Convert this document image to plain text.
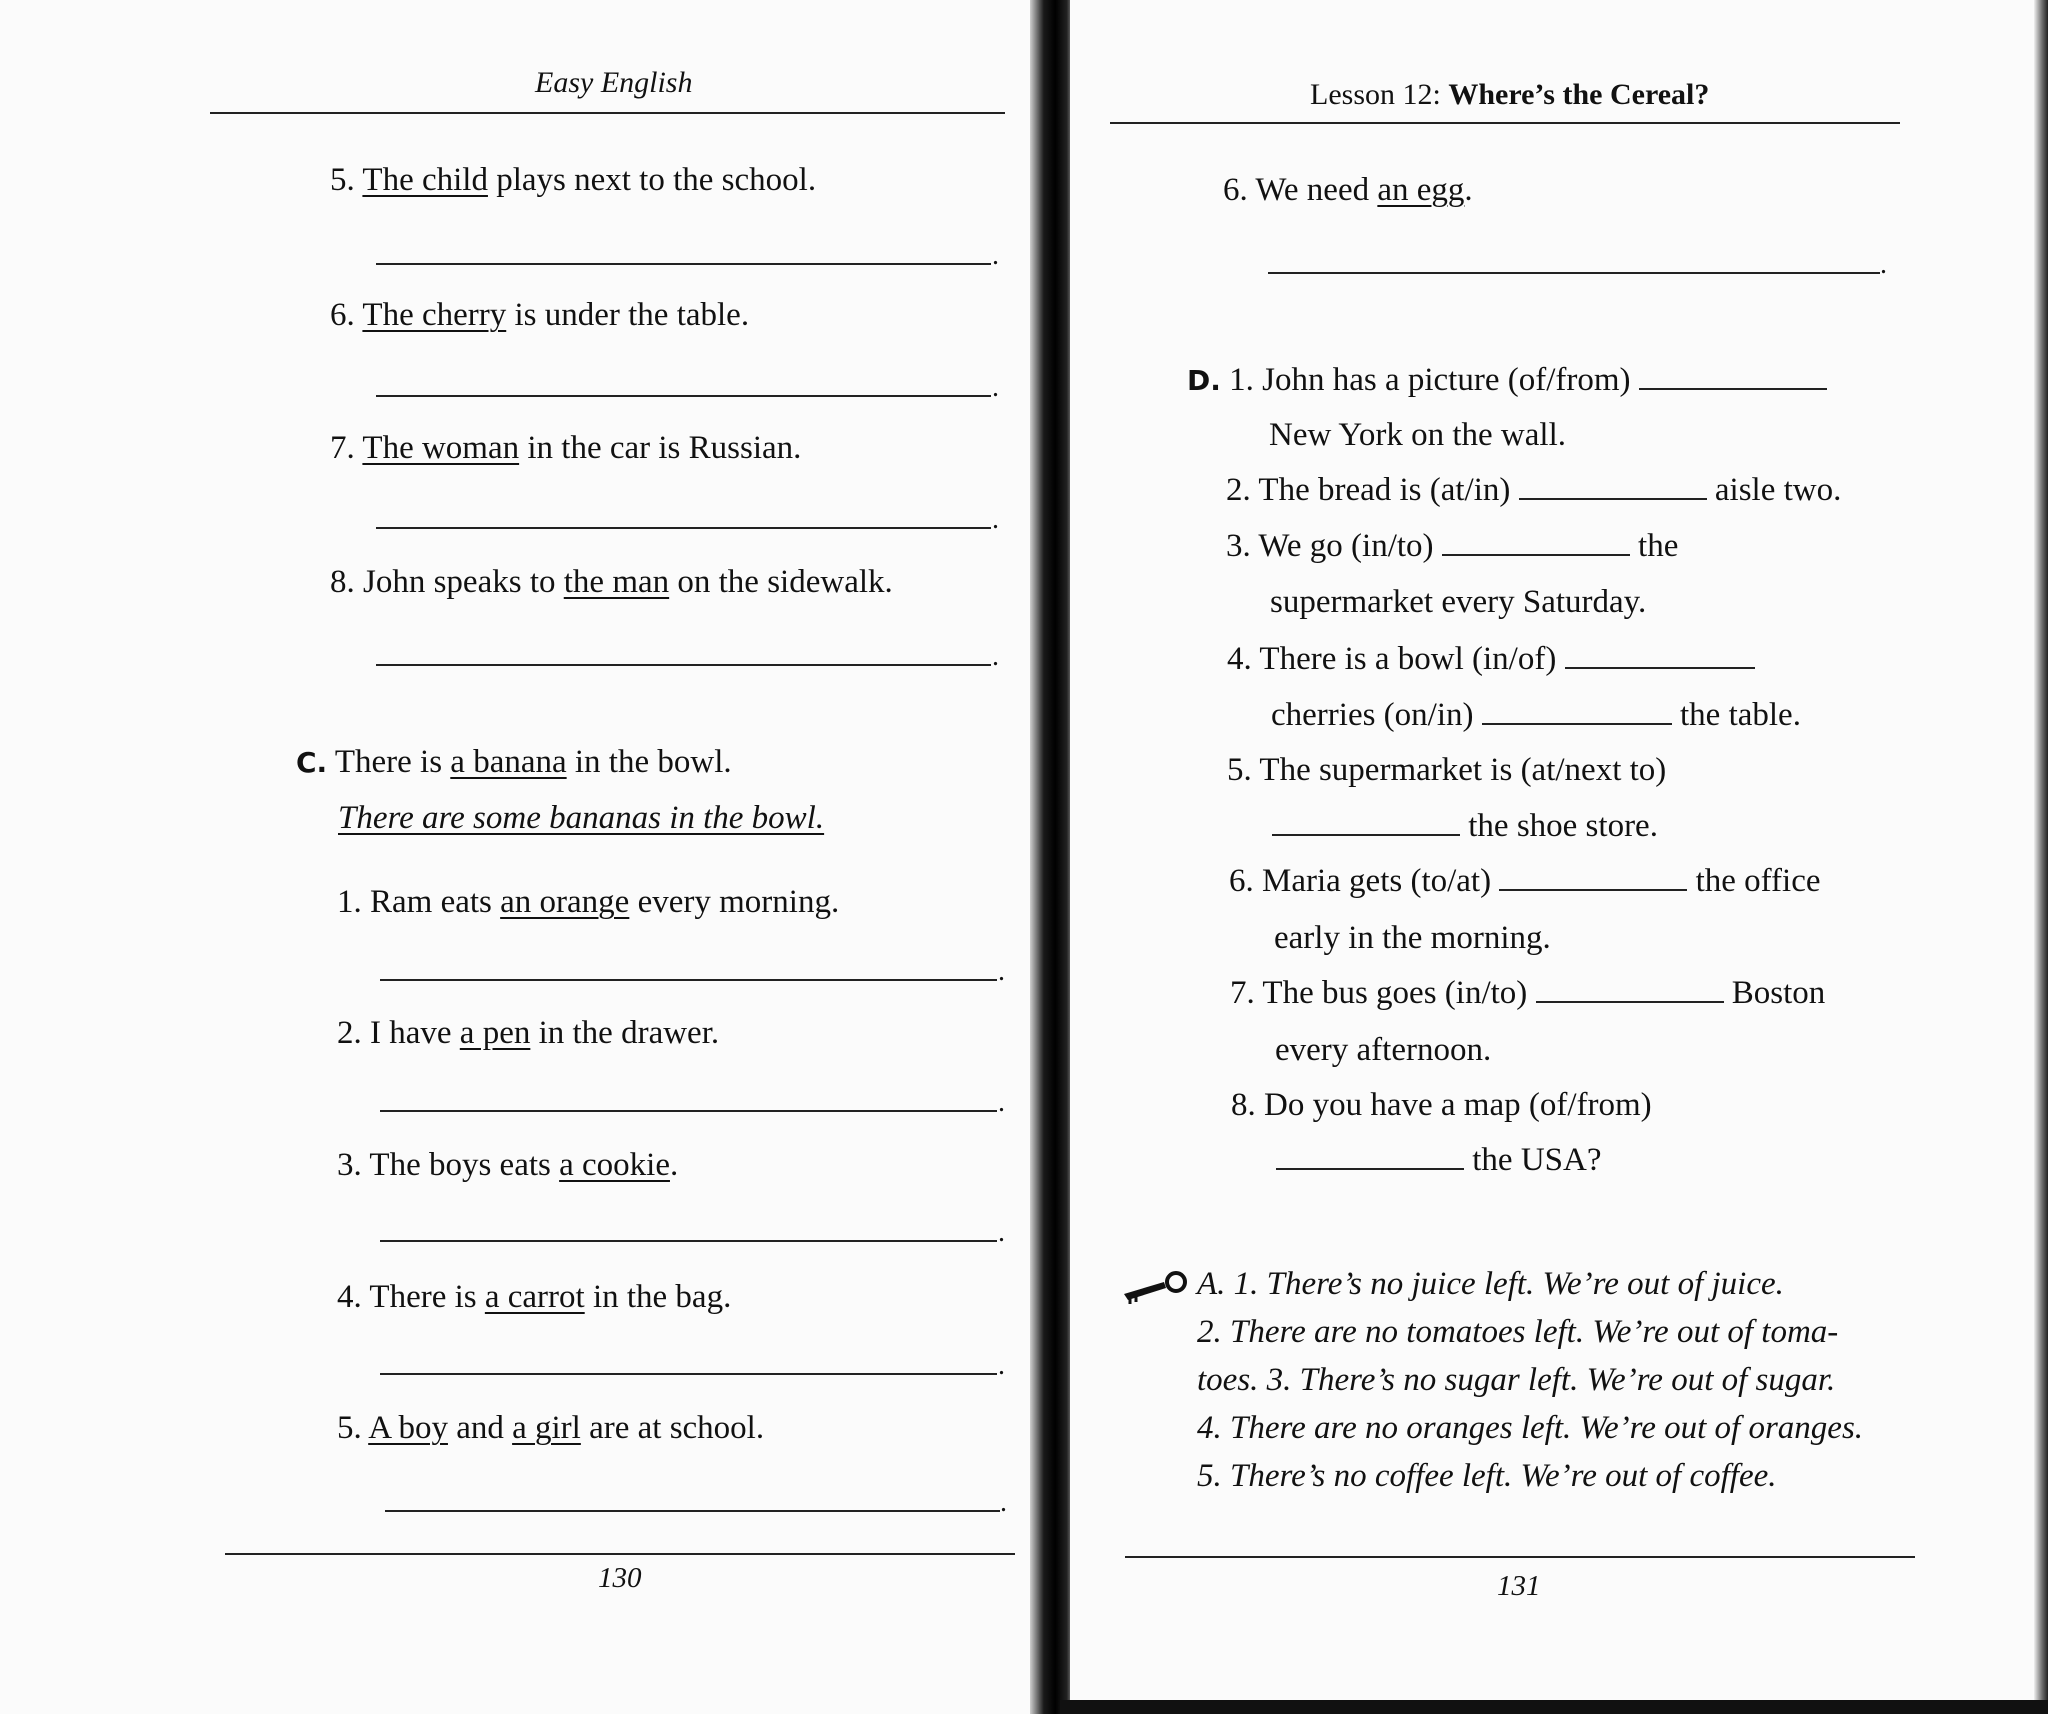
Easy English
5. The child plays next to the school.
.
6. The cherry is under the table.
.
7. The woman in the car is Russian.
.
8. John speaks to the man on the sidewalk.
.
C. There is a banana in the bowl.
There are some bananas in the bowl.
1. Ram eats an orange every morning.
.
2. I have a pen in the drawer.
.
3. The boys eats a cookie.
.
4. There is a carrot in the bag.
.
5. A boy and a girl are at school.
.
130
Lesson 12: Where’s the Cereal?
6. We need an egg.
.
D. 1. John has a picture (of/from)
New York on the wall.
2. The bread is (at/in)	aisle two.
3. We go (in/to)	the
supermarket every Saturday.
4. There is a bowl (in/of)
cherries (on/in)	the table.
5. The supermarket is (at/next to)
the shoe store.
6. Maria gets (to/at)	the office
early in the morning.
7. The bus goes (in/to)	Boston
every afternoon.
8. Do you have a map (of/from)
the USA?
A. 1. There’s no juice left. We’re out of juice.
2. There are no tomatoes left. We’re out of toma-
toes. 3. There’s no sugar left. We’re out of sugar.
4. There are no oranges left. We’re out of oranges.
5. There’s no coffee left. We’re out of coffee.
131
